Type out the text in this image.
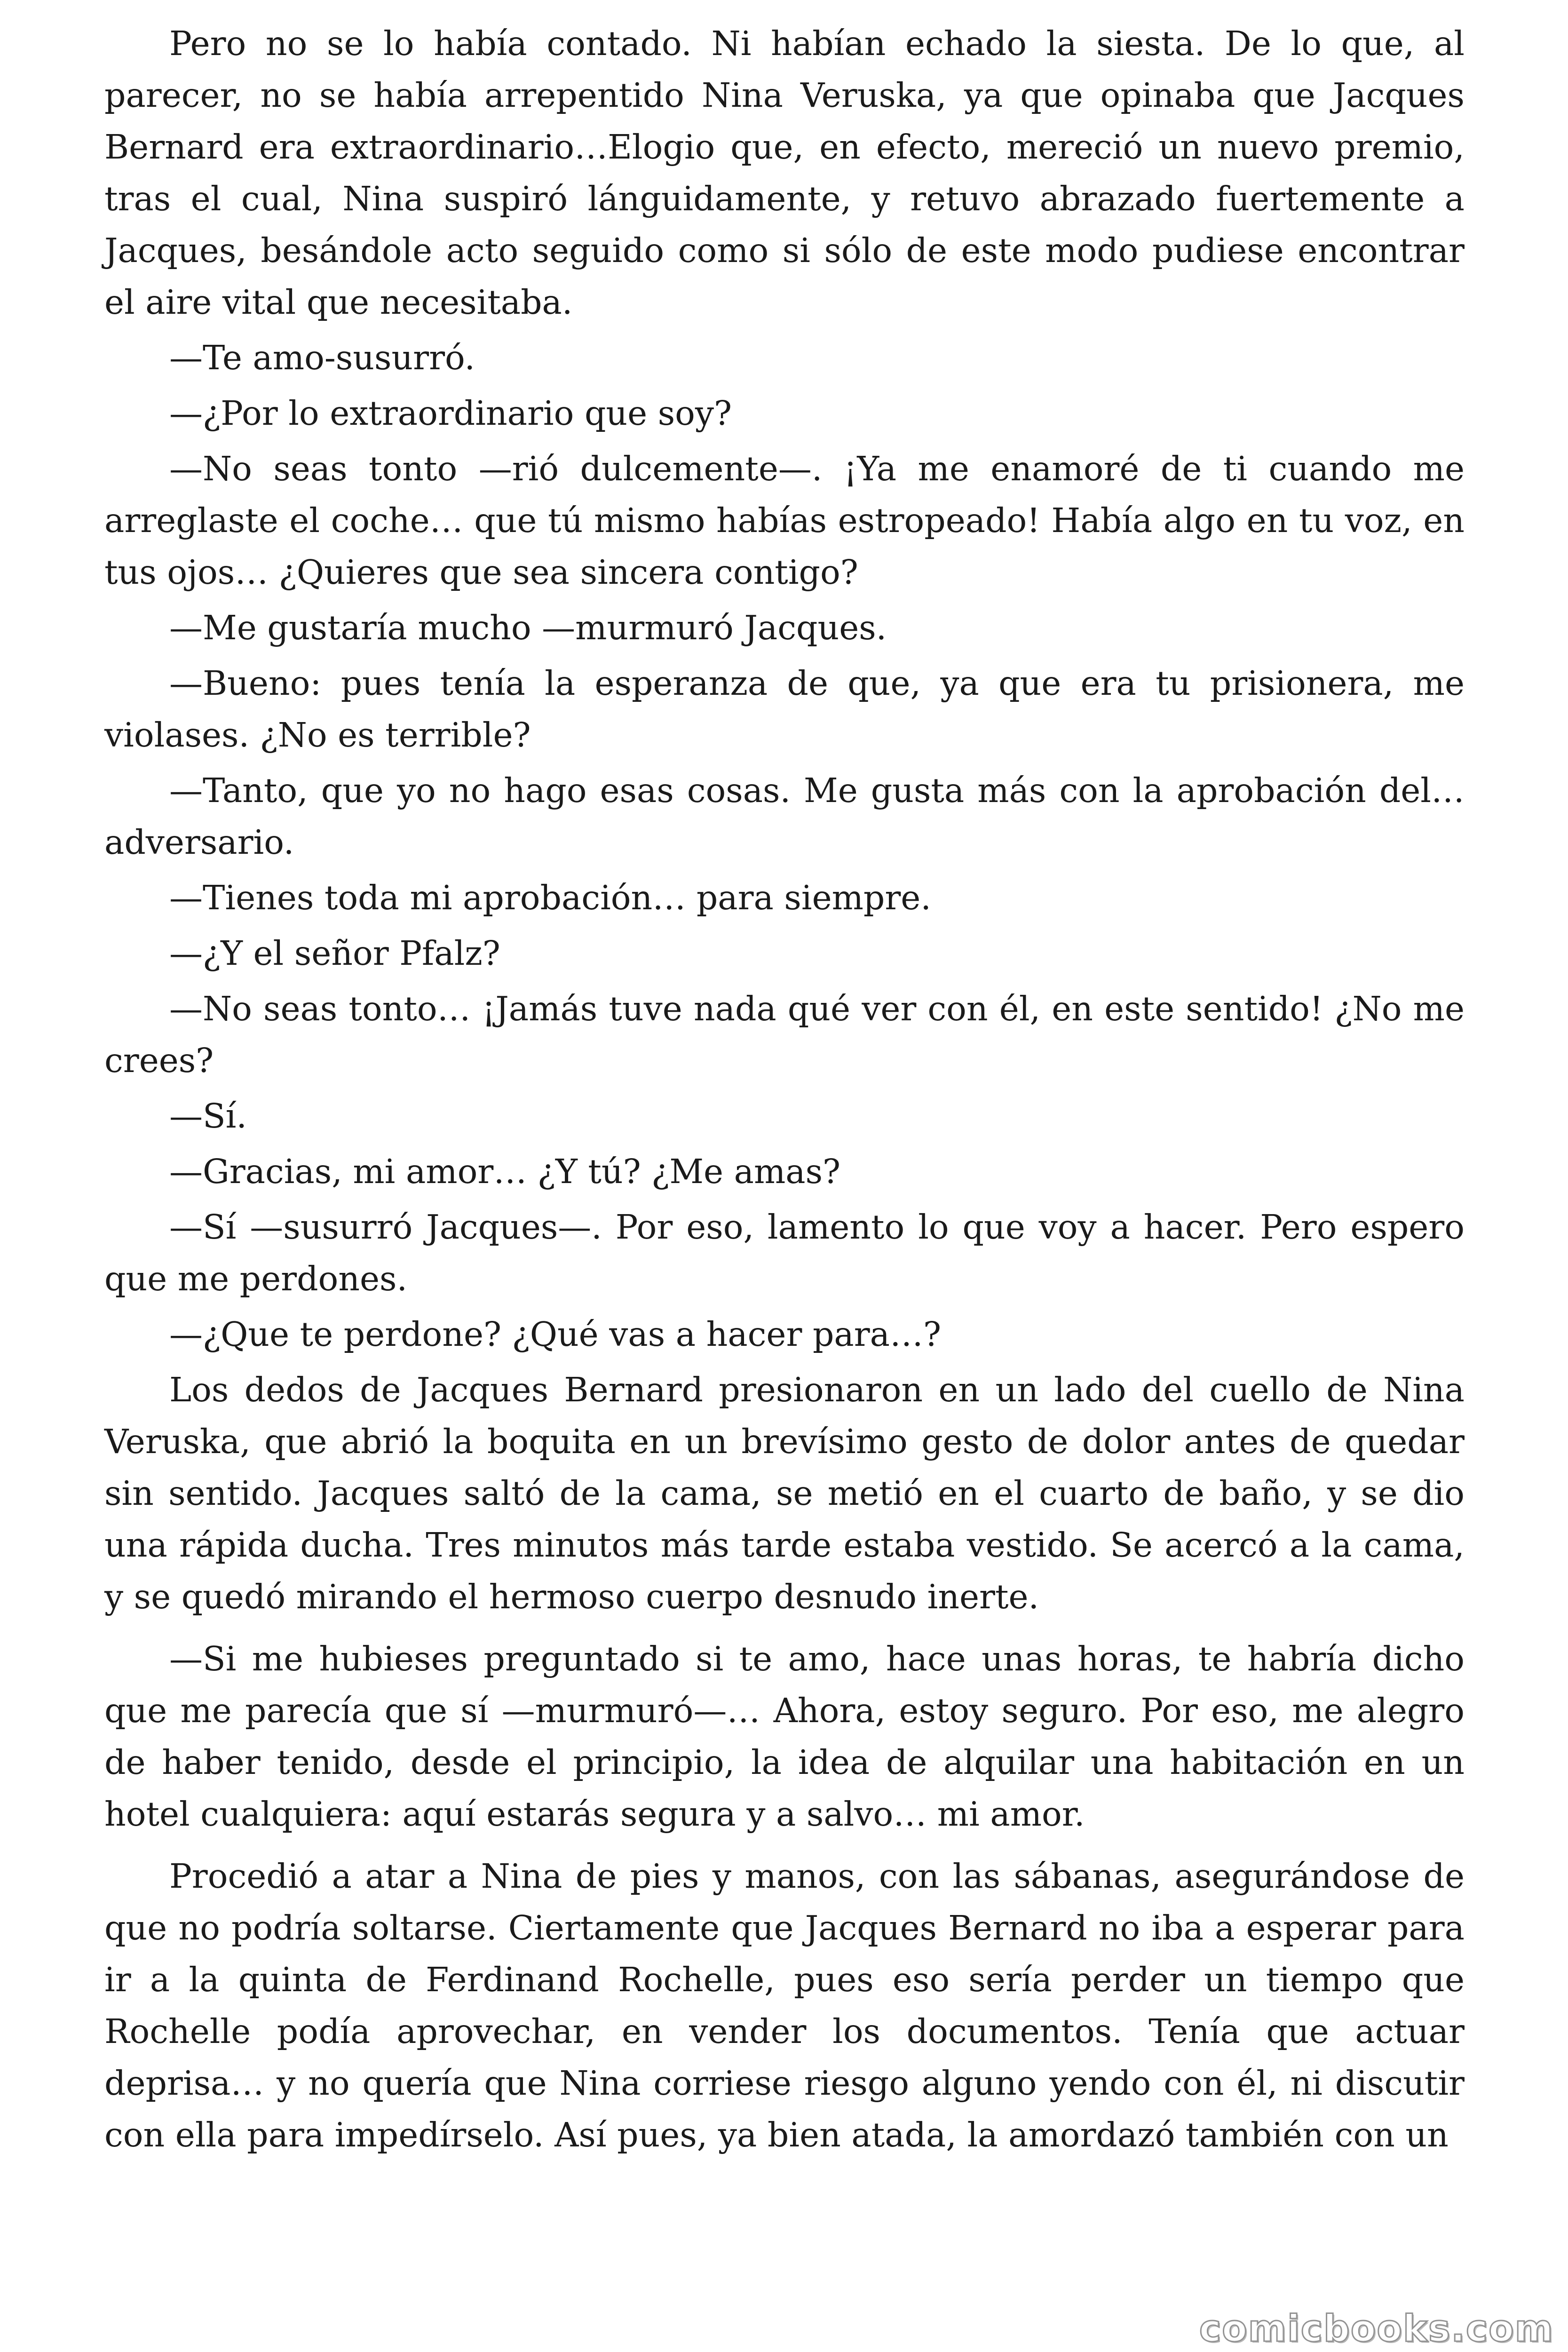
Pero no se lo había contado. Ni habían echado la siesta. De lo que, al parecer, no se había arrepentido Nina Veruska, ya que opinaba que Jacques Bernard era extraordinario…Elogio que, en efecto, mereció un nuevo premio, tras el cual, Nina suspiró lánguidamente, y retuvo abrazado fuertemente a Jacques, besándole acto seguido como si sólo de este modo pudiese encontrar el aire vital que necesitaba.

—Te amo-susurró.

—¿Por lo extraordinario que soy?

—No seas tonto —rió dulcemente—. ¡Ya me enamoré de ti cuando me arreglaste el coche… que tú mismo habías estropeado! Había algo en tu voz, en tus ojos… ¿Quieres que sea sincera contigo?

—Me gustaría mucho —murmuró Jacques.

—Bueno: pues tenía la esperanza de que, ya que era tu prisionera, me violases. ¿No es terrible?

—Tanto, que yo no hago esas cosas. Me gusta más con la aprobación del… adversario.

—Tienes toda mi aprobación… para siempre.

—¿Y el señor Pfalz?

—No seas tonto… ¡Jamás tuve nada qué ver con él, en este sentido! ¿No me crees?

—Sí.

—Gracias, mi amor… ¿Y tú? ¿Me amas?

—Sí —susurró Jacques—. Por eso, lamento lo que voy a hacer. Pero espero que me perdones.

—¿Que te perdone? ¿Qué vas a hacer para…?

Los dedos de Jacques Bernard presionaron en un lado del cuello de Nina Veruska, que abrió la boquita en un brevísimo gesto de dolor antes de quedar sin sentido. Jacques saltó de la cama, se metió en el cuarto de baño, y se dio una rápida ducha. Tres minutos más tarde estaba vestido. Se acercó a la cama, y se quedó mirando el hermoso cuerpo desnudo inerte.

—Si me hubieses preguntado si te amo, hace unas horas, te habría dicho que me parecía que sí —murmuró—… Ahora, estoy seguro. Por eso, me alegro de haber tenido, desde el principio, la idea de alquilar una habitación en un hotel cualquiera: aquí estarás segura y a salvo… mi amor.

Procedió a atar a Nina de pies y manos, con las sábanas, asegurándose de que no podría soltarse. Ciertamente que Jacques Bernard no iba a esperar para ir a la quinta de Ferdinand Rochelle, pues eso sería perder un tiempo que Rochelle podía aprovechar, en vender los documentos. Tenía que actuar deprisa… y no quería que Nina corriese riesgo alguno yendo con él, ni discutir con ella para impedírselo. Así pues, ya bien atada, la amordazó también con un

comicbooks.com
